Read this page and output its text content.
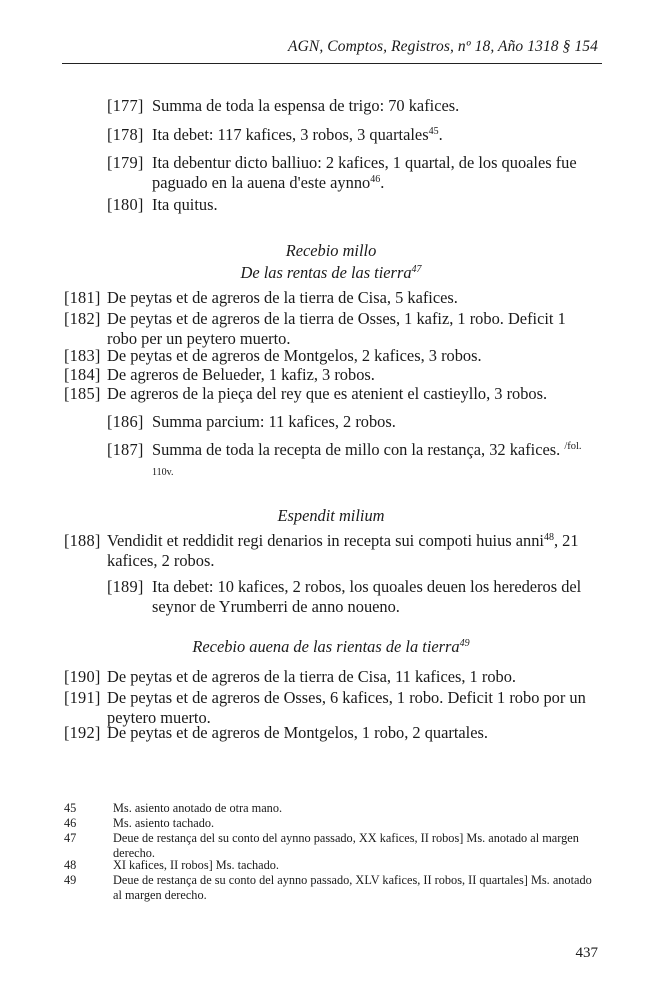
AGN, Comptos, Registros, nº 18, Año 1318 § 154
[177] Summa de toda la espensa de trigo: 70 kafices.
[178] Ita debet: 117 kafices, 3 robos, 3 quartales$^{45}$.
[179] Ita debentur dicto balliuo: 2 kafices, 1 quartal, de los quoales fue paguado en la auena d'este aynno$^{46}$.
[180] Ita quitus.
Recebio millo
De las rentas de las tierra$^{47}$
[181] De peytas et de agreros de la tierra de Cisa, 5 kafices.
[182] De peytas et de agreros de la tierra de Osses, 1 kafiz, 1 robo. Deficit 1 robo per un peytero muerto.
[183] De peytas et de agreros de Montgelos, 2 kafices, 3 robos.
[184] De agreros de Belueder, 1 kafiz, 3 robos.
[185] De agreros de la pieça del rey que es atenient el castieyllo, 3 robos.
[186] Summa parcium: 11 kafices, 2 robos.
[187] Summa de toda la recepta de millo con la restança, 32 kafices. $^{/fol.}$
110v.
Espendit milium
[188] Vendidit et reddidit regi denarios in recepta sui compoti huius anni$^{48}$, 21 kafices, 2 robos.
[189] Ita debet: 10 kafices, 2 robos, los quoales deuen los herederos del seynor de Yrumberri de anno noueno.
Recebio auena de las rientas de la tierra$^{49}$
[190] De peytas et de agreros de la tierra de Cisa, 11 kafices, 1 robo.
[191] De peytas et de agreros de Osses, 6 kafices, 1 robo. Deficit 1 robo por un peytero muerto.
[192] De peytas et de agreros de Montgelos, 1 robo, 2 quartales.
45	Ms. asiento anotado de otra mano.
46	Ms. asiento tachado.
47	Deue de restança del su conto del aynno passado, XX kafices, II robos] Ms. anotado al margen derecho.
48	XI kafices, II robos] Ms. tachado.
49	Deue de restança de su conto del aynno passado, XLV kafices, II robos, II quartales] Ms. anotado al margen derecho.
437
